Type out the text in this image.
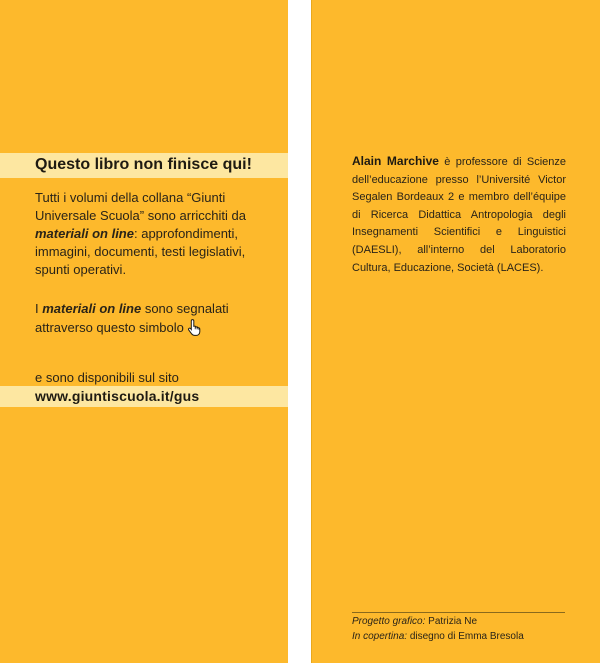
Questo libro non finisce qui!

Tutti i volumi della collana “Giunti Universale Scuola” sono arricchiti da materiali on line: approfondimenti, immagini, documenti, testi legislativi, spunti operativi.

I materiali on line sono segnalati attraverso questo simbolo

e sono disponibili sul sito

www.giuntiscuola.it/gus

Alain Marchive è professore di Scienze dell’educazione presso l’Université Victor Segalen Bordeaux 2 e membro dell’équipe di Ricerca Didattica Antropologia degli Insegnamenti Scientifici e Linguistici (DAESLI), all’interno del Laboratorio Cultura, Educazione, Società (LACES).

Progetto grafico: Patrizia Ne
In copertina: disegno di Emma Bresola
